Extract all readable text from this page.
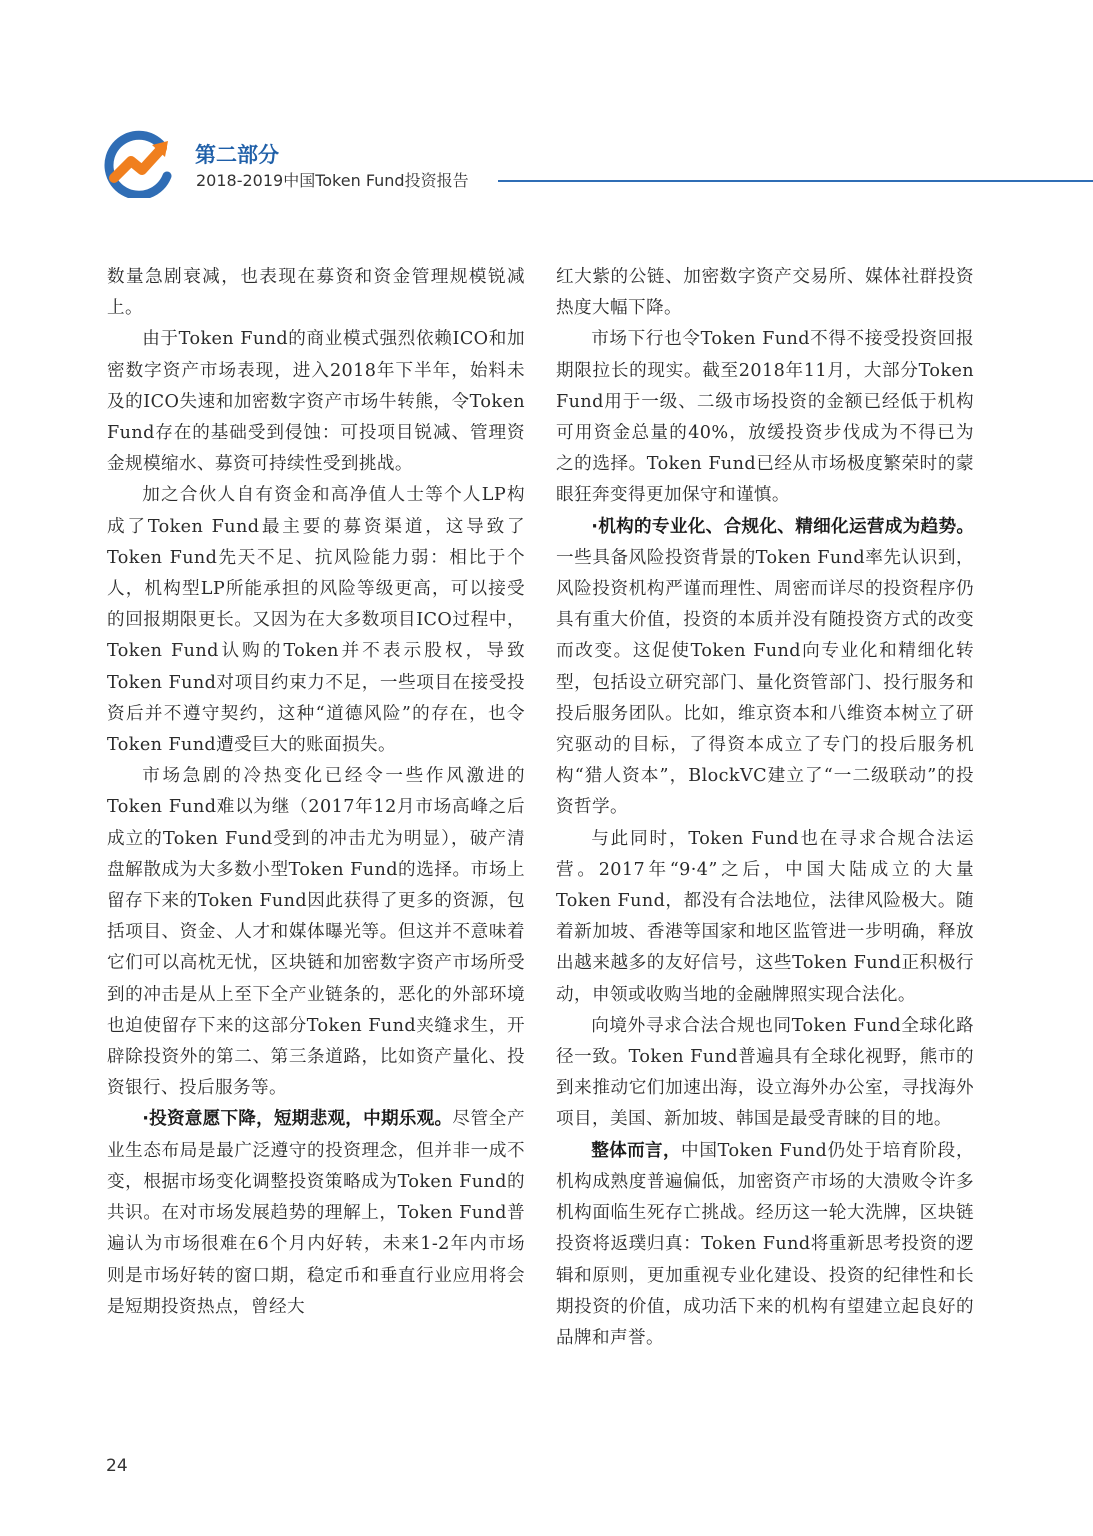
第二部分
2018-2019中国Token Fund投资报告

数量急剧衰减，也表现在募资和资金管理规模锐减上。

由于Token Fund的商业模式强烈依赖ICO和加密数字资产市场表现，进入2018年下半年，始料未及的ICO失速和加密数字资产市场牛转熊，令Token Fund存在的基础受到侵蚀：可投项目锐减、管理资金规模缩水、募资可持续性受到挑战。

加之合伙人自有资金和高净值人士等个人LP构成了Token Fund最主要的募资渠道，这导致了Token Fund先天不足、抗风险能力弱：相比于个人，机构型LP所能承担的风险等级更高，可以接受的回报期限更长。又因为在大多数项目ICO过程中，Token Fund认购的Token并不表示股权，导致Token Fund对项目约束力不足，一些项目在接受投资后并不遵守契约，这种“道德风险”的存在，也令Token Fund遭受巨大的账面损失。

市场急剧的冷热变化已经令一些作风激进的Token Fund难以为继（2017年12月市场高峰之后成立的Token Fund受到的冲击尤为明显），破产清盘解散成为大多数小型Token Fund的选择。市场上留存下来的Token Fund因此获得了更多的资源，包括项目、资金、人才和媒体曝光等。但这并不意味着它们可以高枕无忧，区块链和加密数字资产市场所受到的冲击是从上至下全产业链条的，恶化的外部环境也迫使留存下来的这部分Token Fund夹缝求生，开辟除投资外的第二、第三条道路，比如资产量化、投资银行、投后服务等。

·投资意愿下降，短期悲观，中期乐观。尽管全产业生态布局是最广泛遵守的投资理念，但并非一成不变，根据市场变化调整投资策略成为Token Fund的共识。在对市场发展趋势的理解上，Token Fund普遍认为市场很难在6个月内好转，未来1-2年内市场则是市场好转的窗口期，稳定币和垂直行业应用将会是短期投资热点，曾经大

红大紫的公链、加密数字资产交易所、媒体社群投资热度大幅下降。

市场下行也令Token Fund不得不接受投资回报期限拉长的现实。截至2018年11月，大部分Token Fund用于一级、二级市场投资的金额已经低于机构可用资金总量的40%，放缓投资步伐成为不得已为之的选择。Token Fund已经从市场极度繁荣时的蒙眼狂奔变得更加保守和谨慎。

·机构的专业化、合规化、精细化运营成为趋势。一些具备风险投资背景的Token Fund率先认识到，风险投资机构严谨而理性、周密而详尽的投资程序仍具有重大价值，投资的本质并没有随投资方式的改变而改变。这促使Token Fund向专业化和精细化转型，包括设立研究部门、量化资管部门、投行服务和投后服务团队。比如，维京资本和八维资本树立了研究驱动的目标，了得资本成立了专门的投后服务机构“猎人资本”，BlockVC建立了“一二级联动”的投资哲学。

与此同时，Token Fund也在寻求合规合法运营。2017年“9·4”之后，中国大陆成立的大量Token Fund，都没有合法地位，法律风险极大。随着新加坡、香港等国家和地区监管进一步明确，释放出越来越多的友好信号，这些Token Fund正积极行动，申领或收购当地的金融牌照实现合法化。

向境外寻求合法合规也同Token Fund全球化路径一致。Token Fund普遍具有全球化视野，熊市的到来推动它们加速出海，设立海外办公室，寻找海外项目，美国、新加坡、韩国是最受青睐的目的地。

整体而言，中国Token Fund仍处于培育阶段，机构成熟度普遍偏低，加密资产市场的大溃败令许多机构面临生死存亡挑战。经历这一轮大洗牌，区块链投资将返璞归真：Token Fund将重新思考投资的逻辑和原则，更加重视专业化建设、投资的纪律性和长期投资的价值，成功活下来的机构有望建立起良好的品牌和声誉。

24
